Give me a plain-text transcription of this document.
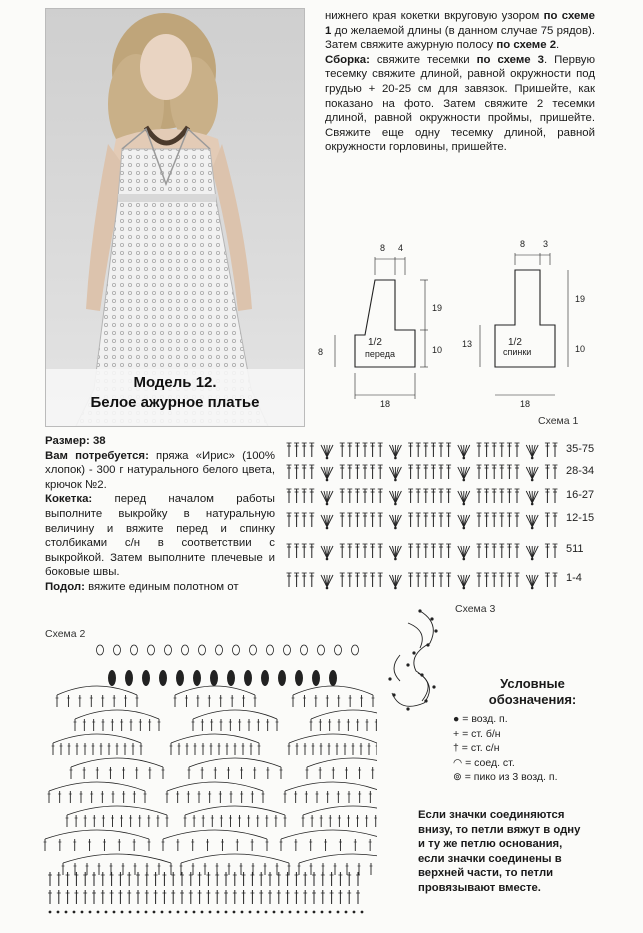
Модель 12.
Белое ажурное платье
нижнего края кокетки вкруговую узором по схеме 1 до желаемой длины (в данном случае 75 рядов). Затем свяжите ажурную полосу по схеме 2.
Сборка: свяжите тесемки по схеме 3. Первую тесемку свяжите длиной, равной окружности под грудью + 20-25 см для завязок. Пришейте, как показано на фото. Затем свяжите 2 тесемки длиной, равной окружности проймы, пришейте. Свяжите еще одну тесемку длиной, равной окружности горловины, пришейте.
8 4
19
8	10
18
1/2
переда
8 3
19
13	10
18
1/2
спинки
Схема 1
Размер: 38
Вам потребуется: пряжа «Ирис» (100% хлопок) - 300 г натурального белого цвета, крючок №2.
Кокетка: перед началом работы выполните выкройку в натуральную величину и вяжите перед и спинку столбиками с/н в соответствии с выкройкой. Затем выполните плечевые и боковые швы.
Подол: вяжите единым полотном от
35-75
28-34
16-27
12-15
511
1-4
Схема 3
Схема 2
Условные обозначения:
● = возд. п.
+ = ст. б/н
† = ст. с/н
◠ = соед. ст.
⊚ = пико из 3 возд. п.
Если значки соединяются внизу, то петли вяжут в одну и ту же петлю основания, если значки соединены в верхней части, то петли провязывают вместе.
